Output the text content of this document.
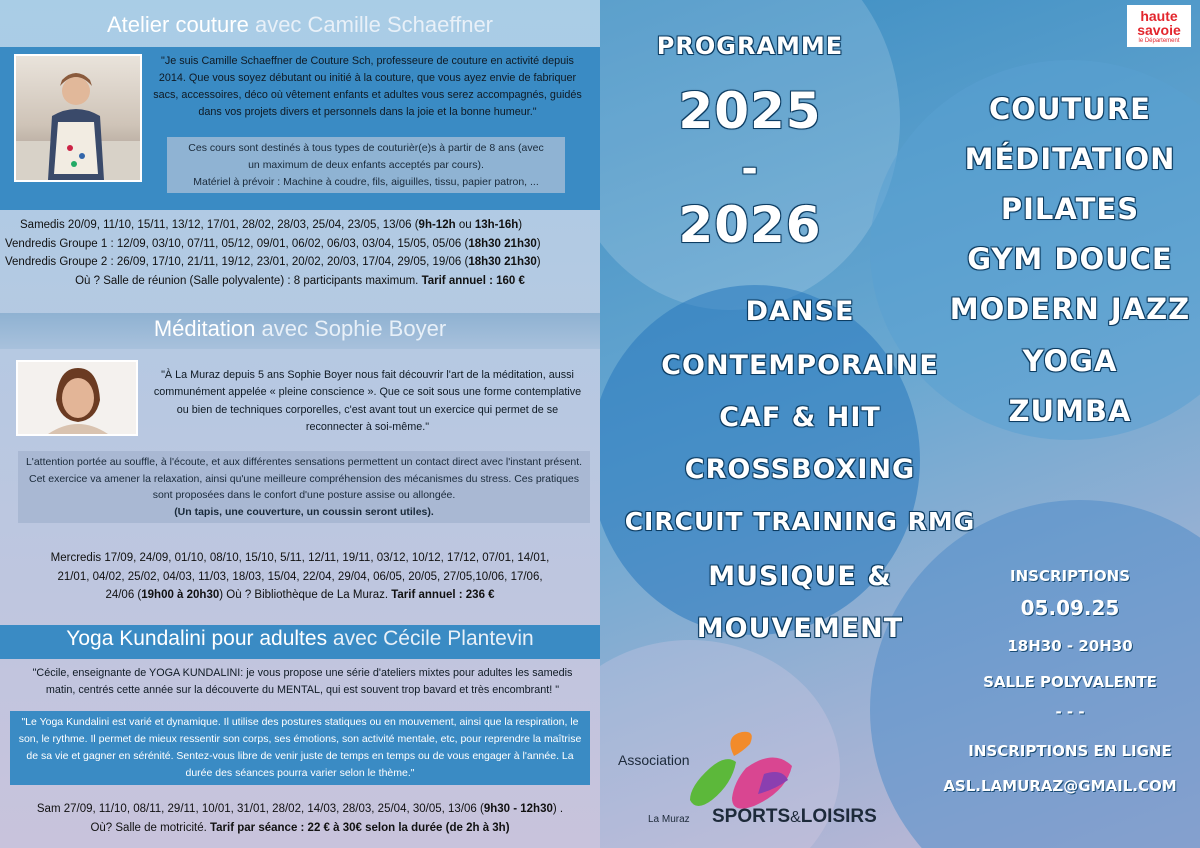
Atelier couture avec Camille Schaeffner
"Je suis Camille Schaeffner de Couture Sch, professeure de couture en activité depuis 2014. Que vous soyez débutant ou initié à la couture, que vous ayez envie de fabriquer sacs, accessoires, déco où vêtement enfants et adultes vous serez accompagnés, guidés dans vos projets divers et personnels dans la joie et la bonne humeur."
Ces cours sont destinés à tous types de couturièr(e)s à partir de 8 ans (avec
un maximum de deux enfants acceptés par cours).
Matériel à prévoir : Machine à coudre, fils, aiguilles, tissu, papier patron, ...
Samedis 20/09, 11/10, 15/11, 13/12, 17/01, 28/02, 28/03, 25/04, 23/05, 13/06 (9h-12h ou 13h-16h)
Vendredis Groupe 1 : 12/09, 03/10, 07/11, 05/12, 09/01, 06/02, 06/03, 03/04, 15/05, 05/06 (18h30 21h30)
Vendredis Groupe 2 : 26/09, 17/10, 21/11, 19/12, 23/01, 20/02, 20/03, 17/04, 29/05, 19/06 (18h30 21h30)
Où ? Salle de réunion (Salle polyvalente) : 8 participants maximum. Tarif annuel : 160 €
Méditation avec Sophie Boyer
"À La Muraz depuis 5 ans Sophie Boyer nous fait découvrir l'art de la méditation, aussi communément appelée « pleine conscience ». Que ce soit sous une forme contemplative ou bien de techniques corporelles, c'est avant tout un exercice qui permet de se reconnecter à soi-même."
L'attention portée au souffle, à l'écoute, et aux différentes sensations permettent un contact direct avec l'instant présent. Cet exercice va amener la relaxation, ainsi qu'une meilleure compréhension des mécanismes du stress. Ces pratiques sont proposées dans le confort d'une posture assise ou allongée.
(Un tapis, une couverture, un coussin seront utiles).
Mercredis 17/09, 24/09, 01/10, 08/10, 15/10, 5/11, 12/11, 19/11, 03/12, 10/12, 17/12, 07/01, 14/01,
21/01, 04/02, 25/02, 04/03, 11/03, 18/03, 15/04, 22/04, 29/04, 06/05, 20/05, 27/05,10/06, 17/06,
24/06 (19h00 à 20h30) Où ? Bibliothèque de La Muraz. Tarif annuel : 236 €
Yoga Kundalini pour adultes avec Cécile Plantevin
"Cécile, enseignante de YOGA KUNDALINI: je vous propose une série d'ateliers mixtes pour adultes les samedis matin, centrés cette année sur la découverte du MENTAL, qui est souvent trop bavard et très encombrant! "
"Le Yoga Kundalini est varié et dynamique. Il utilise des postures statiques ou en mouvement, ainsi que la respiration, le son, le rythme. Il permet de mieux ressentir son corps, ses émotions, son activité mentale, etc, pour reprendre la maîtrise de sa vie et gagner en sérénité. Sentez-vous libre de venir juste de temps en temps ou de vous engager à l'année. La durée des séances pourra varier selon le thème."
Sam 27/09, 11/10, 08/11, 29/11, 10/01, 31/01, 28/02, 14/03, 28/03, 25/04, 30/05, 13/06 (9h30 - 12h30) .
Où? Salle de motricité. Tarif par séance : 22 € à 30€ selon la durée (de 2h à 3h)
haute
savoie
le Département
PROGRAMME
2025
-
2026
DANSE
CONTEMPORAINE
CAF & HIT
CROSSBOXING
CIRCUIT TRAINING RMG
MUSIQUE &
MOUVEMENT
COUTURE
MÉDITATION
PILATES
GYM DOUCE
MODERN JAZZ
YOGA
ZUMBA
INSCRIPTIONS
05.09.25
18H30 - 20H30
SALLE POLYVALENTE
- - -
INSCRIPTIONS EN LIGNE
ASL.LAMURAZ@GMAIL.COM
Association
La Muraz SPORTS&LOISIRS
